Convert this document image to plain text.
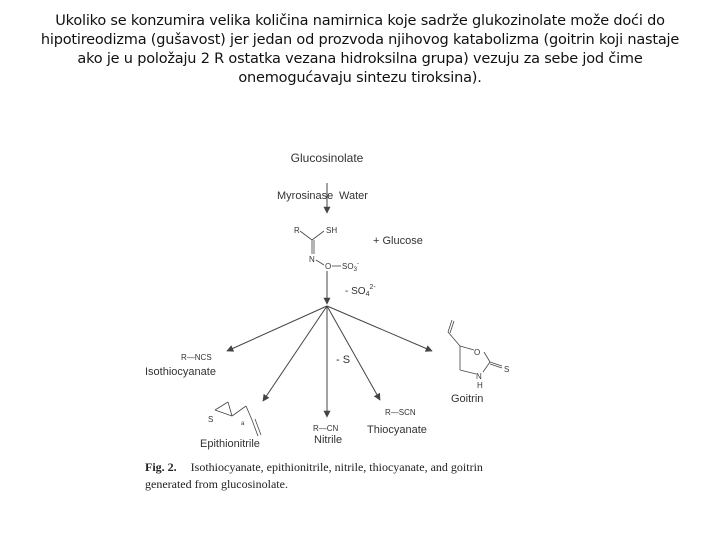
Ukoliko se konzumira velika količina namirnica koje sadrže glukozinolate može doći do hipotireodizma (gušavost) jer jedan od prozvoda njihovog katabolizma (goitrin koji nastaje ako je u položaju 2 R ostatka vezana hidroksilna grupa) vezuju za sebe jod čime onemogućavaju sintezu tiroksina).
Glucosinolate
Myrosinase Water
R	SH
N
O $SO_3^-$
+ Glucose
- $SO_4^{2-}$
- S
R—NCS
Isothiocyanate
S	a
Epithionitrile
R—CN
Nitrile
R—SCN
Thiocyanate
O
N
H
S
Goitrin
Fig. 2. Isothiocyanate, epithionitrile, nitrile, thiocyanate, and goitrin
generated from glucosinolate.
